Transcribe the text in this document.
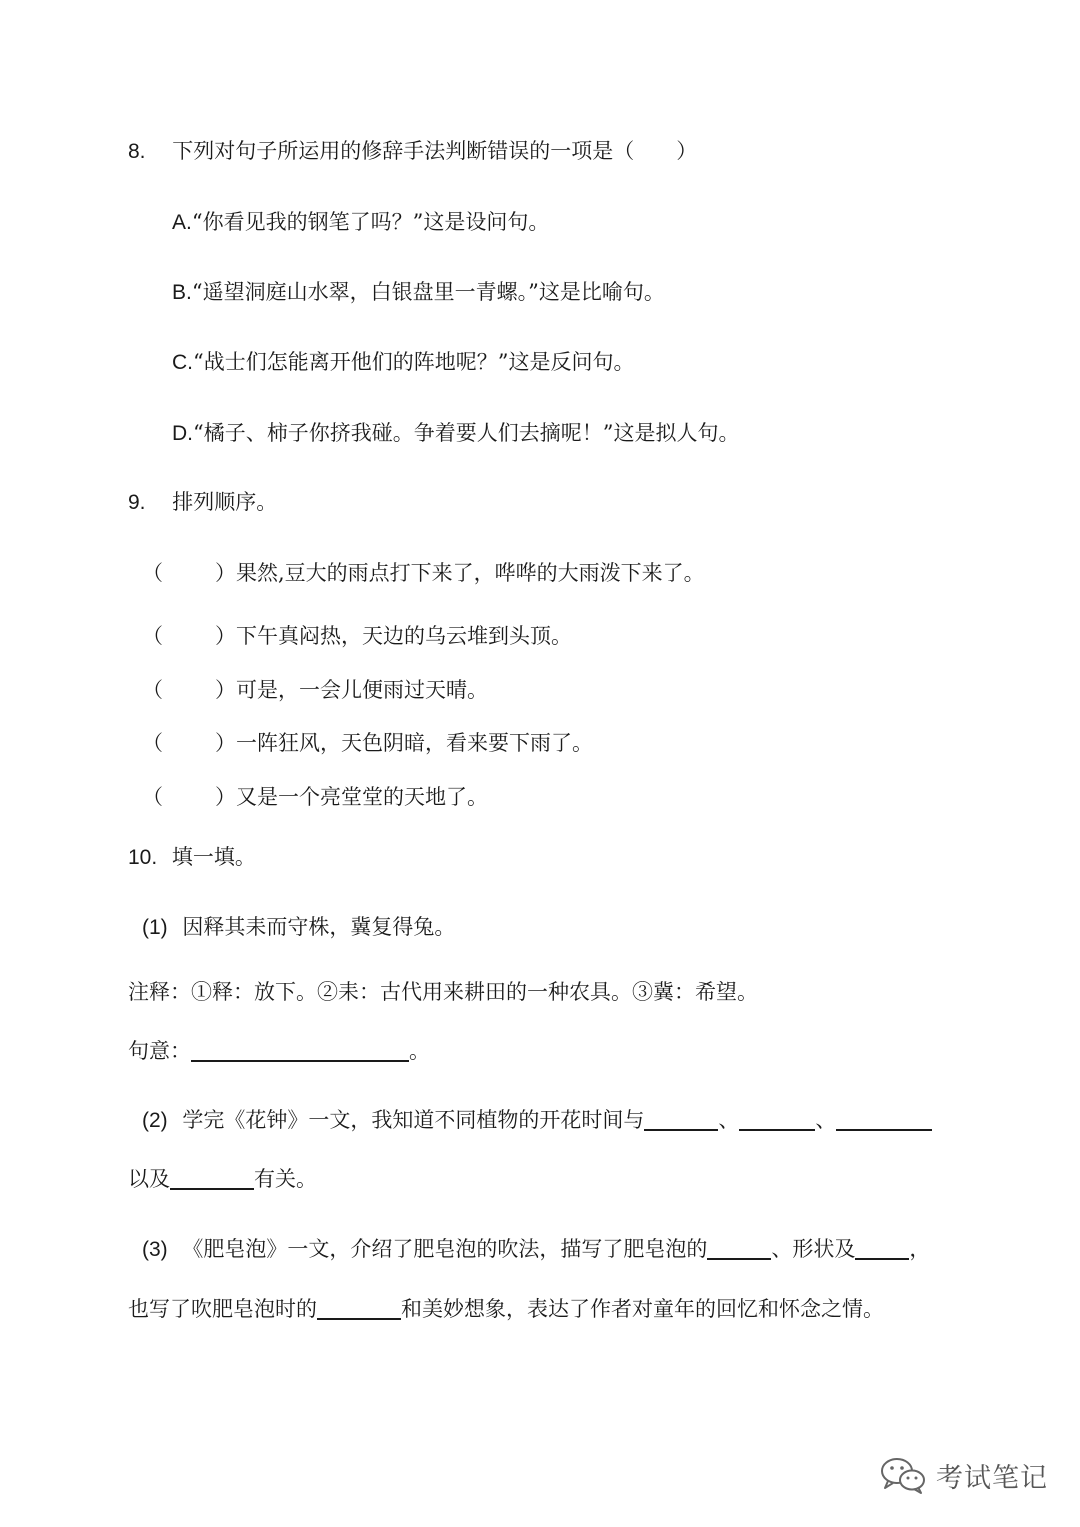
8. 下列对句子所运用的修辞手法判断错误的一项是（　　）
A.“你看见我的钢笔了吗？”这是设问句。
B.“遥望洞庭山水翠，白银盘里一青螺。”这是比喻句。
C.“战士们怎能离开他们的阵地呢？”这是反问句。
D.“橘子、柿子你挤我碰。争着要人们去摘呢！”这是拟人句。
9. 排列顺序。
（ ）果然,豆大的雨点打下来了，哗哗的大雨泼下来了。
（ ）下午真闷热，天边的乌云堆到头顶。
（ ）可是，一会儿便雨过天晴。
（ ）一阵狂风，天色阴暗，看来要下雨了。
（ ）又是一个亮堂堂的天地了。
10. 填一填。
(1) 因释其耒而守株，冀复得兔。
注释：①释：放下。②耒：古代用来耕田的一种农具。③冀：希望。
句意：	。
(2) 学完《花钟》一文，我知道不同植物的开花时间与	、	、
以及	有关。
(3) 《肥皂泡》一文，介绍了肥皂泡的吹法，描写了肥皂泡的	、形状及	，
也写了吹肥皂泡时的	和美妙想象，表达了作者对童年的回忆和怀念之情。
考试笔记
